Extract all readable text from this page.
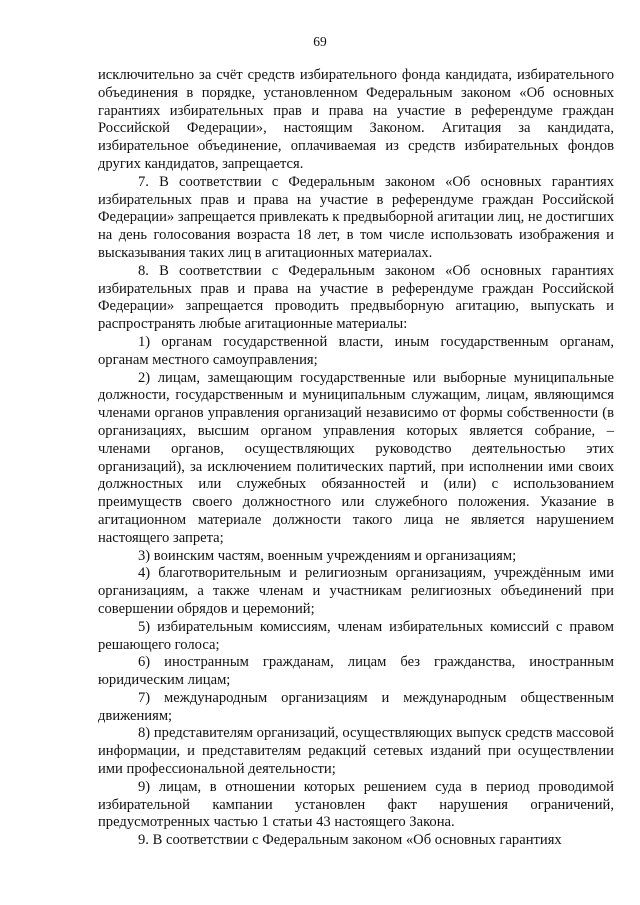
69

исключительно за счёт средств избирательного фонда кандидата, избирательного объединения в порядке, установленном Федеральным законом «Об основных гарантиях избирательных прав и права на участие в референдуме граждан Российской Федерации», настоящим Законом. Агитация за кандидата, избирательное объединение, оплачиваемая из средств избирательных фондов других кандидатов, запрещается.

7. В соответствии с Федеральным законом «Об основных гарантиях избирательных прав и права на участие в референдуме граждан Российской Федерации» запрещается привлекать к предвыборной агитации лиц, не достигших на день голосования возраста 18 лет, в том числе использовать изображения и высказывания таких лиц в агитационных материалах.

8. В соответствии с Федеральным законом «Об основных гарантиях избирательных прав и права на участие в референдуме граждан Российской Федерации» запрещается проводить предвыборную агитацию, выпускать и распространять любые агитационные материалы:

1) органам государственной власти, иным государственным органам, органам местного самоуправления;

2) лицам, замещающим государственные или выборные муниципальные должности, государственным и муниципальным служащим, лицам, являющимся членами органов управления организаций независимо от формы собственности (в организациях, высшим органом управления которых является собрание, – членами органов, осуществляющих руководство деятельностью этих организаций), за исключением политических партий, при исполнении ими своих должностных или служебных обязанностей и (или) с использованием преимуществ своего должностного или служебного положения. Указание в агитационном материале должности такого лица не является нарушением настоящего запрета;

3) воинским частям, военным учреждениям и организациям;

4) благотворительным и религиозным организациям, учреждённым ими организациям, а также членам и участникам религиозных объединений при совершении обрядов и церемоний;

5) избирательным комиссиям, членам избирательных комиссий с правом решающего голоса;

6) иностранным гражданам, лицам без гражданства, иностранным юридическим лицам;

7) международным организациям и международным общественным движениям;

8) представителям организаций, осуществляющих выпуск средств массовой информации, и представителям редакций сетевых изданий при осуществлении ими профессиональной деятельности;

9) лицам, в отношении которых решением суда в период проводимой избирательной кампании установлен факт нарушения ограничений, предусмотренных частью 1 статьи 43 настоящего Закона.

9. В соответствии с Федеральным законом «Об основных гарантиях
